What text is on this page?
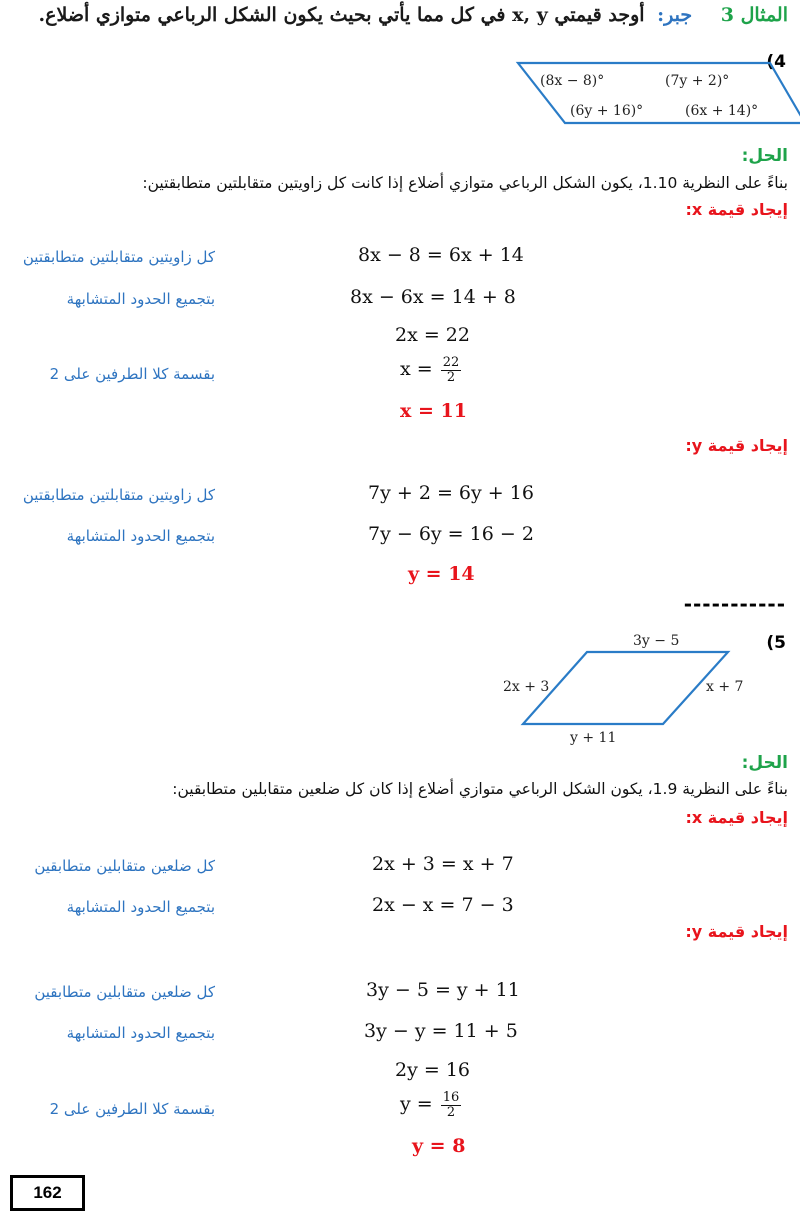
المثال 3 جبر: أوجد قيمتي x, y في كل مما يأتي بحيث يكون الشكل الرباعي متوازي أضلاع.
(4
(8x − 8)°	(7y + 2)°
(6y + 16)°	(6x + 14)°
الحل:
بناءً على النظرية 1.10، يكون الشكل الرباعي متوازي أضلاع إذا كانت كل زاويتين متقابلتين متطابقتين:
إيجاد قيمة x:
كل زاويتين متقابلتين متطابقتين	8x − 8 = 6x + 14
بتجميع الحدود المتشابهة	8x − 6x = 14 + 8
2x = 22
بقسمة كلا الطرفين على 2	$x = \frac{22}{2}$
x = 11
إيجاد قيمة y:
كل زاويتين متقابلتين متطابقتين	7y + 2 = 6y + 16
بتجميع الحدود المتشابهة	7y − 6y = 16 − 2
y = 14
-----------
(5
3y − 5
2x + 3	x + 7
y + 11
الحل:
بناءً على النظرية 1.9، يكون الشكل الرباعي متوازي أضلاع إذا كان كل ضلعين متقابلين متطابقين:
إيجاد قيمة x:
كل ضلعين متقابلين متطابقين	2x + 3 = x + 7
بتجميع الحدود المتشابهة	2x − x = 7 − 3
إيجاد قيمة y:
كل ضلعين متقابلين متطابقين	3y − 5 = y + 11
بتجميع الحدود المتشابهة	3y − y = 11 + 5
2y = 16
بقسمة كلا الطرفين على 2	$y = \frac{16}{2}$
y = 8
162
